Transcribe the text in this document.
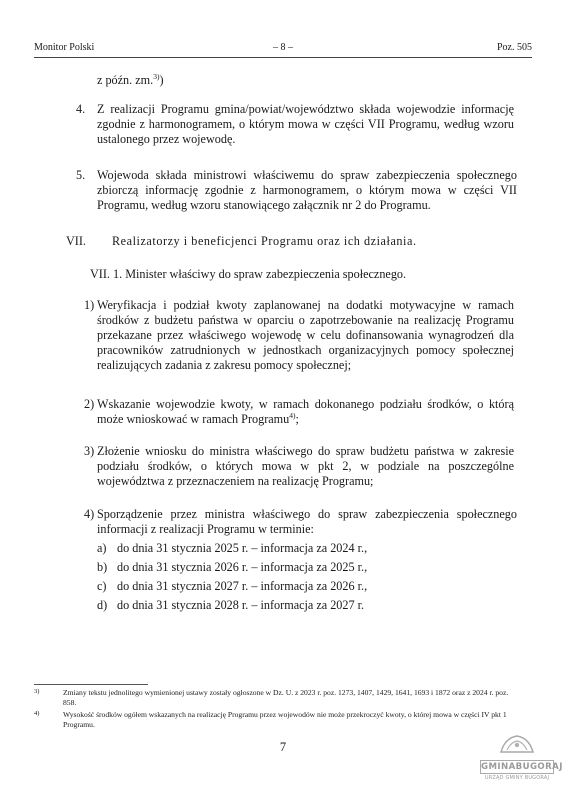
Monitor Polski	– 8 –	Poz. 505
z późn. zm.$^{3)}$)
4. Z realizacji Programu gmina/powiat/województwo składa wojewodzie informację zgodnie z harmonogramem, o którym mowa w części VII Programu, według wzoru ustalonego przez wojewodę.
5. Wojewoda składa ministrowi właściwemu do spraw zabezpieczenia społecznego zbiorczą informację zgodnie z harmonogramem, o którym mowa w części VII Programu, według wzoru stanowiącego załącznik nr 2 do Programu.
VII. Realizatorzy i beneficjenci Programu oraz ich działania.
VII. 1. Minister właściwy do spraw zabezpieczenia społecznego.
1) Weryfikacja i podział kwoty zaplanowanej na dodatki motywacyjne w ramach środków z budżetu państwa w oparciu o zapotrzebowanie na realizację Programu przekazane przez właściwego wojewodę w celu dofinansowania wynagrodzeń dla pracowników zatrudnionych w jednostkach organizacyjnych pomocy społecznej realizujących zadania z zakresu pomocy społecznej;
2) Wskazanie wojewodzie kwoty, w ramach dokonanego podziału środków, o którą może wnioskować w ramach Programu$^{4)}$;
3) Złożenie wniosku do ministra właściwego do spraw budżetu państwa w zakresie podziału środków, o których mowa w pkt 2, w podziale na poszczególne województwa z przeznaczeniem na realizację Programu;
4) Sporządzenie przez ministra właściwego do spraw zabezpieczenia społecznego informacji z realizacji Programu w terminie:
a) do dnia 31 stycznia 2025 r. – informacja za 2024 r.,
b) do dnia 31 stycznia 2026 r. – informacja za 2025 r.,
c) do dnia 31 stycznia 2027 r. – informacja za 2026 r.,
d) do dnia 31 stycznia 2028 r. – informacja za 2027 r.
3)	Zmiany tekstu jednolitego wymienionej ustawy zostały ogłoszone w Dz. U. z 2023 r. poz. 1273, 1407, 1429, 1641, 1693 i 1872 oraz z 2024 r. poz. 858.
4)	Wysokość środków ogółem wskazanych na realizację Programu przez wojewodów nie może przekroczyć kwoty, o której mowa w części IV pkt 1 Programu.
7
GMINABUGORAJ
URZĄD GMINY BUGORAJ
